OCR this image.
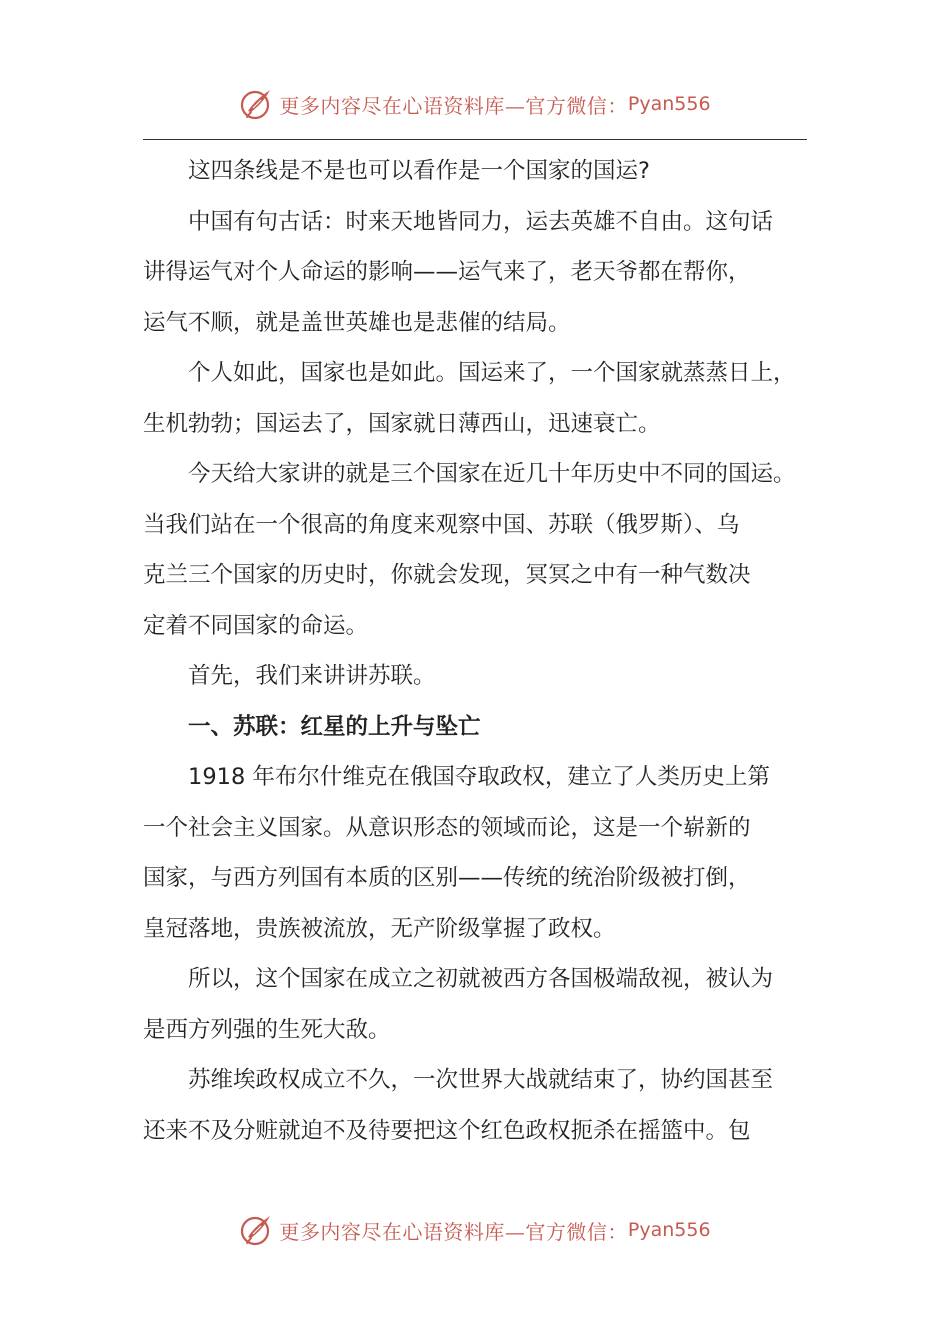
更多内容尽在心语资料库—官方微信： Pyan556

这四条线是不是也可以看作是一个国家的国运?

中国有句古话：时来天地皆同力，运去英雄不自由。这句话
讲得运气对个人命运的影响——运气来了，老天爷都在帮你，
运气不顺，就是盖世英雄也是悲催的结局。

个人如此，国家也是如此。国运来了，一个国家就蒸蒸日上，
生机勃勃；国运去了，国家就日薄西山，迅速衰亡。

今天给大家讲的就是三个国家在近几十年历史中不同的国运。
当我们站在一个很高的角度来观察中国、苏联（俄罗斯）、乌
克兰三个国家的历史时，你就会发现，冥冥之中有一种气数决
定着不同国家的命运。

首先，我们来讲讲苏联。

一、苏联：红星的上升与坠亡

1918 年布尔什维克在俄国夺取政权，建立了人类历史上第
一个社会主义国家。从意识形态的领域而论，这是一个崭新的
国家，与西方列国有本质的区别——传统的统治阶级被打倒，
皇冠落地，贵族被流放，无产阶级掌握了政权。

所以，这个国家在成立之初就被西方各国极端敌视，被认为
是西方列强的生死大敌。

苏维埃政权成立不久，一次世界大战就结束了，协约国甚至
还来不及分赃就迫不及待要把这个红色政权扼杀在摇篮中。包

更多内容尽在心语资料库—官方微信： Pyan556
